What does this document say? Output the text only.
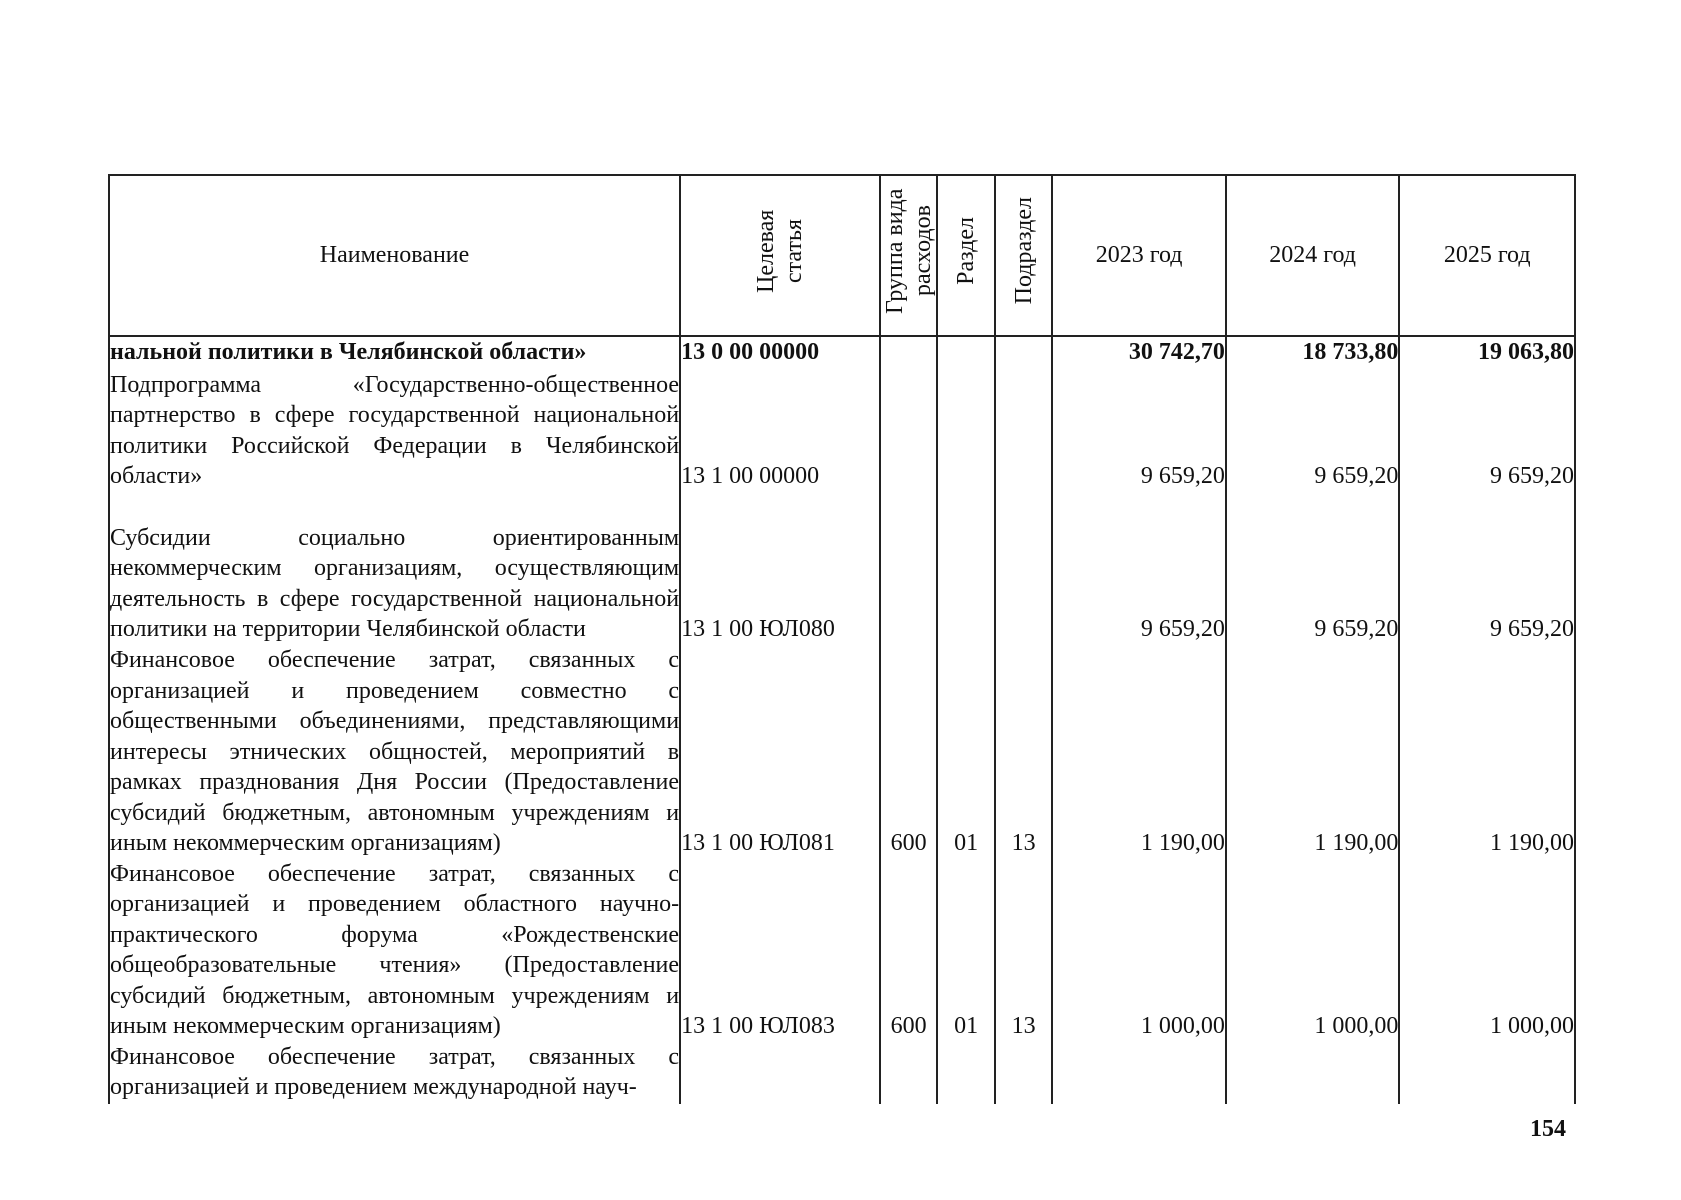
Наименование	Целевая статья	Группа вида расходов	Раздел	Подраздел	2023 год	2024 год	2025 год
нальной политики в Челябинской области»	13 0 00 00000				30 742,70	18 733,80	19 063,80
Подпрограмма «Государственно-общественное партнерство в сфере государственной национальной политики Российской Федерации в Челябинской области»	13 1 00 00000				9 659,20	9 659,20	9 659,20
Субсидии социально ориентированным некоммерческим организациям, осуществляющим деятельность в сфере государственной национальной политики на территории Челябинской области	13 1 00 ЮЛ080				9 659,20	9 659,20	9 659,20
Финансовое обеспечение затрат, связанных с организацией и проведением совместно с общественными объединениями, представляющими интересы этнических общностей, мероприятий в рамках празднования Дня России (Предоставление субсидий бюджетным, автономным учреждениям и иным некоммерческим организациям)	13 1 00 ЮЛ081	600	01	13	1 190,00	1 190,00	1 190,00
Финансовое обеспечение затрат, связанных с организацией и проведением областного научно-практического форума «Рождественские общеобразовательные чтения» (Предоставление субсидий бюджетным, автономным учреждениям и иным некоммерческим организациям)	13 1 00 ЮЛ083	600	01	13	1 000,00	1 000,00	1 000,00
Финансовое обеспечение затрат, связанных с организацией и проведением международной науч-							
154
